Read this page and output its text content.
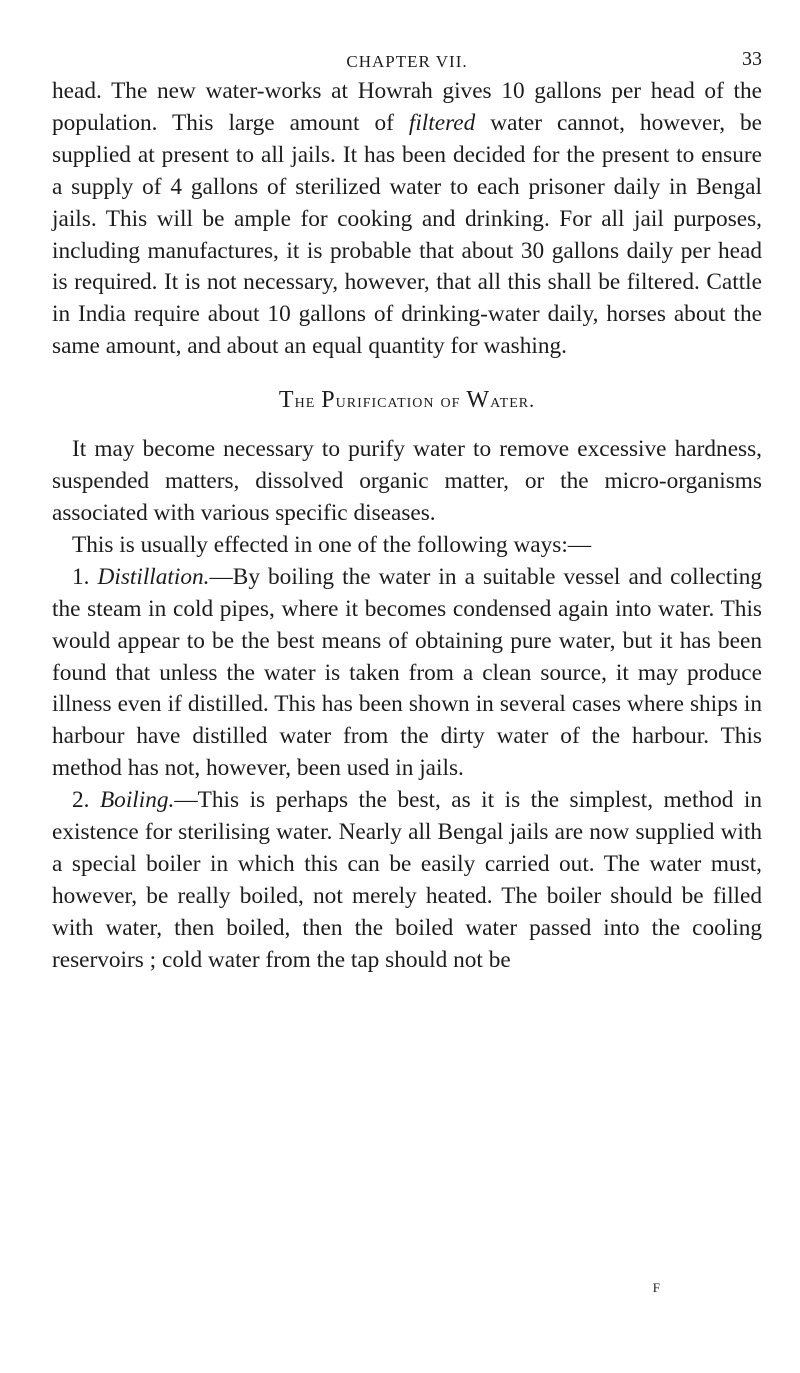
CHAPTER VII.	33

head. The new water-works at Howrah gives 10 gallons per head of the population. This large amount of filtered water cannot, however, be supplied at present to all jails. It has been decided for the present to ensure a supply of 4 gallons of sterilized water to each prisoner daily in Bengal jails. This will be ample for cooking and drinking. For all jail purposes, including manufactures, it is probable that about 30 gallons daily per head is required. It is not necessary, however, that all this shall be filtered. Cattle in India require about 10 gallons of drinking-water daily, horses about the same amount, and about an equal quantity for washing.

The Purification of Water.

It may become necessary to purify water to remove excessive hardness, suspended matters, dissolved organic matter, or the micro-organisms associated with various specific diseases.

This is usually effected in one of the following ways:—

1. Distillation.—By boiling the water in a suitable vessel and collecting the steam in cold pipes, where it becomes condensed again into water. This would appear to be the best means of obtaining pure water, but it has been found that unless the water is taken from a clean source, it may produce illness even if distilled. This has been shown in several cases where ships in harbour have distilled water from the dirty water of the harbour. This method has not, however, been used in jails.

2. Boiling.—This is perhaps the best, as it is the simplest, method in existence for sterilising water. Nearly all Bengal jails are now supplied with a special boiler in which this can be easily carried out. The water must, however, be really boiled, not merely heated. The boiler should be filled with water, then boiled, then the boiled water passed into the cooling reservoirs ; cold water from the tap should not be

F
